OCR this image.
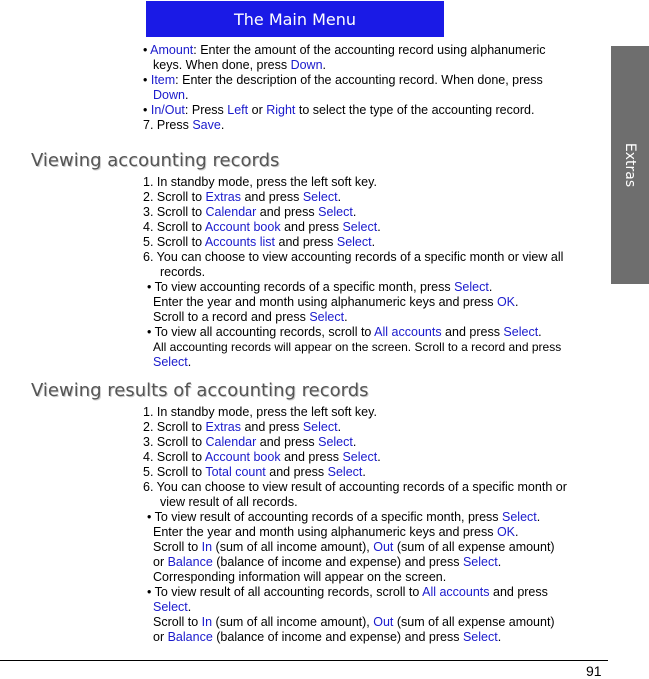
The Main Menu
Extras
• Amount: Enter the amount of the accounting record using alphanumeric
keys. When done, press Down.
• Item: Enter the description of the accounting record. When done, press
Down.
• In/Out: Press Left or Right to select the type of the accounting record.
7. Press Save.
Viewing accounting records
1. In standby mode, press the left soft key.
2. Scroll to Extras and press Select.
3. Scroll to Calendar and press Select.
4. Scroll to Account book and press Select.
5. Scroll to Accounts list and press Select.
6. You can choose to view accounting records of a specific month or view all
records.
• To view accounting records of a specific month, press Select.
Enter the year and month using alphanumeric keys and press OK.
Scroll to a record and press Select.
• To view all accounting records, scroll to All accounts and press Select.
All accounting records will appear on the screen. Scroll to a record and press
Select.
Viewing results of accounting records
1. In standby mode, press the left soft key.
2. Scroll to Extras and press Select.
3. Scroll to Calendar and press Select.
4. Scroll to Account book and press Select.
5. Scroll to Total count and press Select.
6. You can choose to view result of accounting records of a specific month or
view result of all records.
• To view result of accounting records of a specific month, press Select.
Enter the year and month using alphanumeric keys and press OK.
Scroll to In (sum of all income amount), Out (sum of all expense amount)
or Balance (balance of income and expense) and press Select.
Corresponding information will appear on the screen.
• To view result of all accounting records, scroll to All accounts and press
Select.
Scroll to In (sum of all income amount), Out (sum of all expense amount)
or Balance (balance of income and expense) and press Select.
91
